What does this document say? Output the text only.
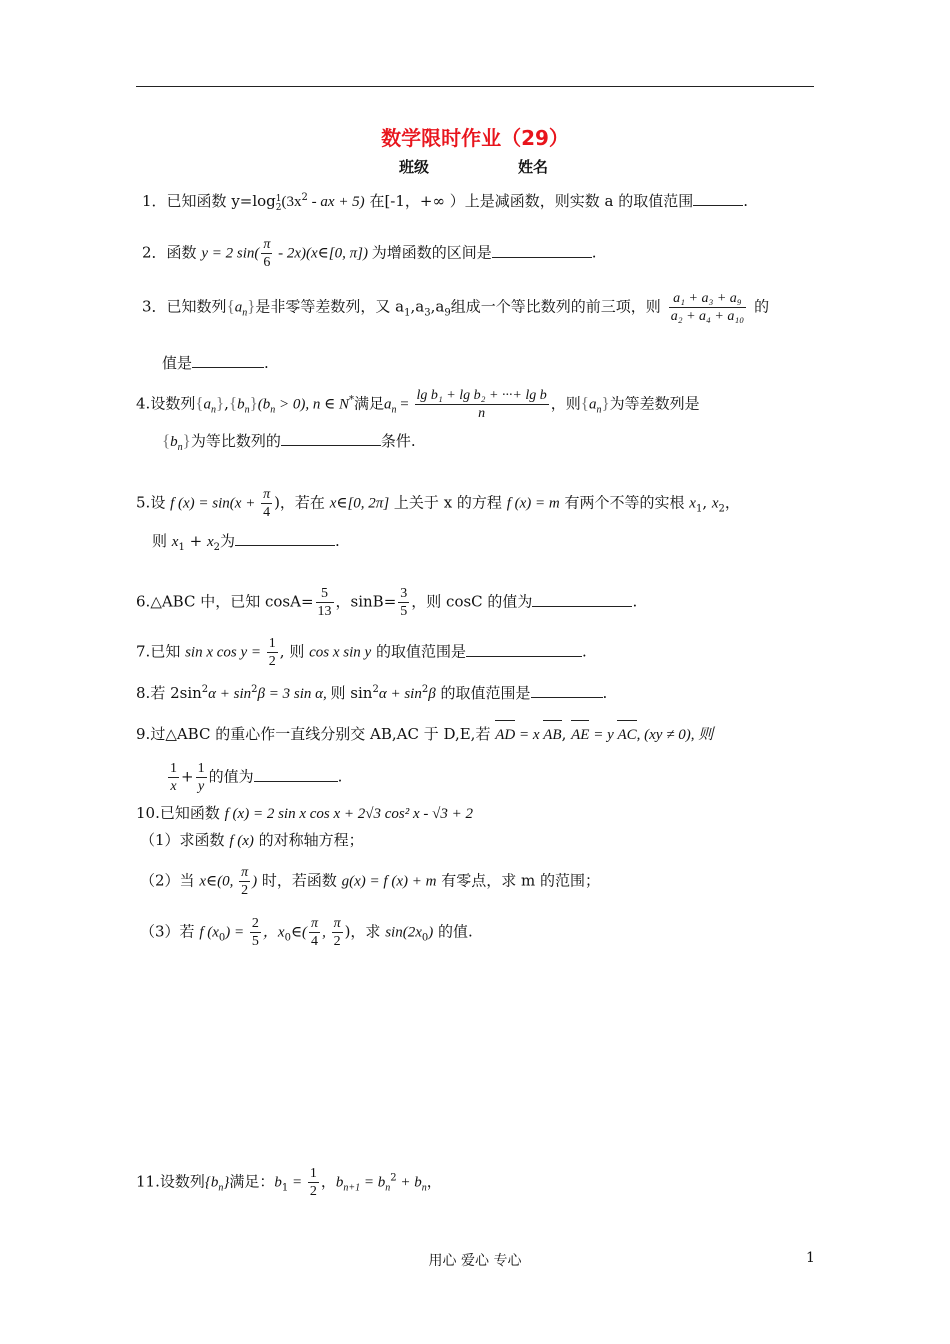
数学限时作业（29）
班级	姓名
1．已知函数 y=log1
$2(3x^2$ - ax + 5) 在[-1，+∞ ）上是减函数，则实数 a 的取值范围	.
2．函数 y = 2 $\sin( \frac{\pi}{6}$ - 2x)(x∈[0, π]) 为增函数的区间是	.
3．已知数列$\{a_n\}$是非零等差数列，又 $a_1,a_3,a_9$组成一个等比数列的前三项，则 $\frac{\text{a₁ + a₃ + a₉}}{\text{a₂ + a₄ + a₁₀}}$ 的
值是	.
4.设数列$\{a_n\},\{b_n\}(b_n > 0)$, n ∈ N*满足$a_n = \frac{\text{lg b₁ + lg b₂ + ···+ lg b}}{n}$ ，则$\{a_n\}$为等差数列是
$\{b_n\}$为等比数列的	条件.
5.设 f $(x) = \sin(x + \frac{\pi}{4}$ )，若在 x∈[0, 2π] 上关于 x 的方程 f (x) = m 有两个不等的实根 $x_1$, $x_2$，
则 $x_1 + x_2$为	.
6.△ABC 中，已知 $\cos A= \frac{5}{13}$ ，$\sin B= \frac{3}{5}$ ，则 cosC 的值为	.
7.已知 sin x $\cos y = \frac{1}{2}$ , 则 cos x sin y 的取值范围是	.
8.若 $2\sin^2\alpha + \sin^2\beta = 3$ sin α, 则 $\sin^2\alpha + \sin^2\beta$ 的取值范围是	.
9.过△ABC 的重心作一直线分别交 AB,AC 于 D,E,若
AD = x
AB,
AE = y
AC, (xy ≠ 0), 则
$\frac{1}{x} + \frac{1}{y}$ 的值为	.
10.已知函数 f (x) = 2 sin x cos x + 2√3 cos² x - √3 + 2
（1）求函数 f (x) 的对称轴方程；
（2）当 x∈(0, $\frac{\pi}{2}$ ) 时，若函数 g(x) = f (x) + m 有零点，求 m 的范围；
（3）若 f $(x_0) = \frac{2}{5}$ ，$x_0\in( \frac{\pi}{4}$ , $\frac{\pi}{2}$ )，求 $\sin(2x_0)$ 的值.
11.设数列$\{b_n\}$满足：$b_1 = \frac{1}{2}$ ，$b_{n+1} = b_n^2 + b_n$，
用心 爱心 专心	1
